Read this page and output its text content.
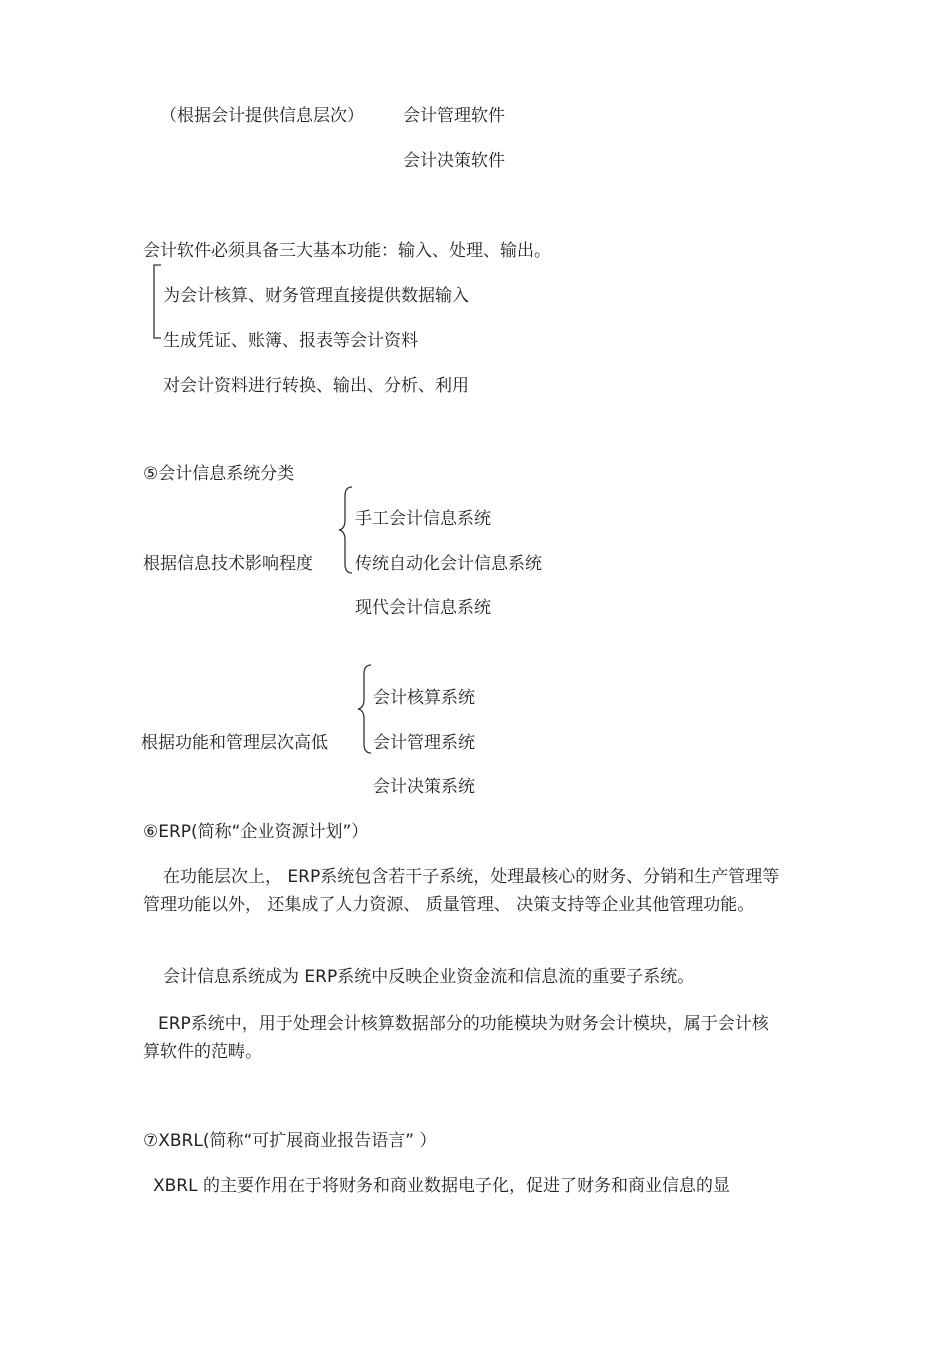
（根据会计提供信息层次） 会计管理软件
会计决策软件
会计软件必须具备三大基本功能：输入、处理、输出。
为会计核算、财务管理直接提供数据输入
生成凭证、账簿、报表等会计资料
对会计资料进行转换、输出、分析、利用
⑤会计信息系统分类
根据信息技术影响程度
手工会计信息系统
传统自动化会计信息系统
现代会计信息系统
根据功能和管理层次高低
会计核算系统
会计管理系统
会计决策系统
⑥ERP(简称“企业资源计划”）
在功能层次上， ERP系统包含若干子系统，处理最核心的财务、分销和生产管理等管理功能以外， 还集成了人力资源、 质量管理、 决策支持等企业其他管理功能。
会计信息系统成为 ERP系统中反映企业资金流和信息流的重要子系统。
ERP系统中，用于处理会计核算数据部分的功能模块为财务会计模块，属于会计核算软件的范畴。
⑦XBRL(简称“可扩展商业报告语言” ）
XBRL 的主要作用在于将财务和商业数据电子化，促进了财务和商业信息的显
